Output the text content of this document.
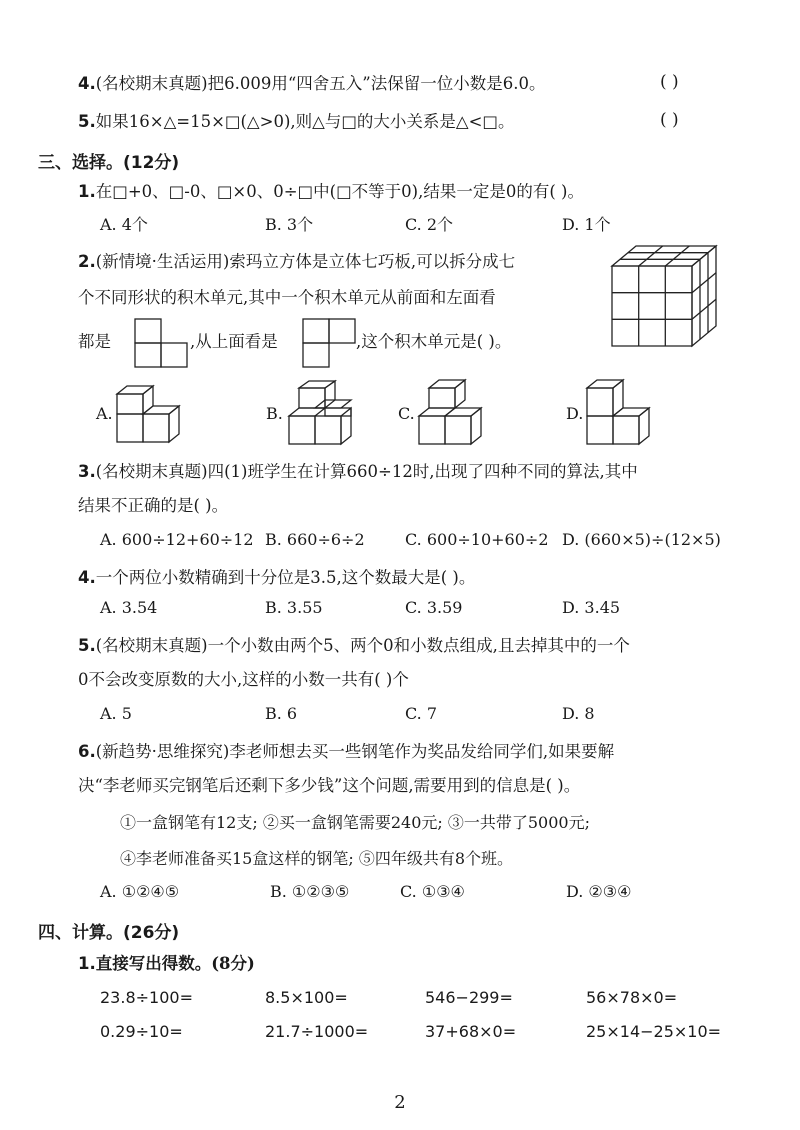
4.(名校期末真题)把6.009用“四舍五入”法保留一位小数是6.0。	( )
5.如果16×△=15×□(△>0),则△与□的大小关系是△<□。	( )
三、选择。(12分)
1.在□+0、□-0、□×0、0÷□中(□不等于0),结果一定是0的有( )。
A. 4个	B. 3个	C. 2个	D. 1个
2.(新情境·生活运用)索玛立方体是立体七巧板,可以拆分成七
个不同形状的积木单元,其中一个积木单元从前面和左面看
都是	,从上面看是	,这个积木单元是( )。
A.	B.	C.	D.
3.(名校期末真题)四(1)班学生在计算660÷12时,出现了四种不同的算法,其中
结果不正确的是( )。
A. 600÷12+60÷12 B. 660÷6÷2	C. 600÷10+60÷2 D. (660×5)÷(12×5)
4.一个两位小数精确到十分位是3.5,这个数最大是( )。
A. 3.54	B. 3.55	C. 3.59	D. 3.45
5.(名校期末真题)一个小数由两个5、两个0和小数点组成,且去掉其中的一个
0不会改变原数的大小,这样的小数一共有( )个
A. 5	B. 6	C. 7	D. 8
6.(新趋势·思维探究)李老师想去买一些钢笔作为奖品发给同学们,如果要解
决“李老师买完钢笔后还剩下多少钱”这个问题,需要用到的信息是( )。
①一盒钢笔有12支; ②买一盒钢笔需要240元; ③一共带了5000元;
④李老师准备买15盒这样的钢笔; ⑤四年级共有8个班。
A. ①②④⑤	B. ①②③⑤	C. ①③④	D. ②③④
四、计算。(26分)
1.直接写出得数。(8分)
23.8÷100=	8.5×100=	546−299=	56×78×0=
0.29÷10=	21.7÷1000=	37+68×0=	25×14−25×10=
2
